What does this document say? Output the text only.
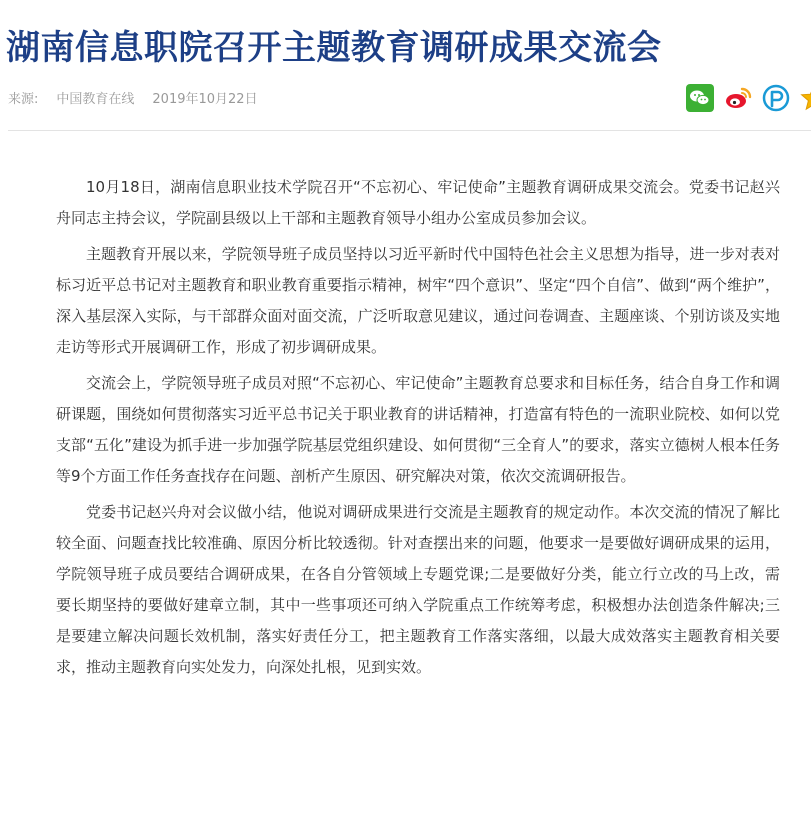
湖南信息职院召开主题教育调研成果交流会
来源: 中国教育在线 2019年10月22日

10月18日，湖南信息职业技术学院召开“不忘初心、牢记使命”主题教育调研成果交流会。党委书记赵兴舟同志主持会议，学院副县级以上干部和主题教育领导小组办公室成员参加会议。

主题教育开展以来，学院领导班子成员坚持以习近平新时代中国特色社会主义思想为指导，进一步对表对标习近平总书记对主题教育和职业教育重要指示精神，树牢“四个意识”、坚定“四个自信”、做到“两个维护”，深入基层深入实际，与干部群众面对面交流，广泛听取意见建议，通过问卷调查、主题座谈、个别访谈及实地走访等形式开展调研工作，形成了初步调研成果。

交流会上，学院领导班子成员对照“不忘初心、牢记使命”主题教育总要求和目标任务，结合自身工作和调研课题，围绕如何贯彻落实习近平总书记关于职业教育的讲话精神，打造富有特色的一流职业院校、如何以党支部“五化”建设为抓手进一步加强学院基层党组织建设、如何贯彻“三全育人”的要求，落实立德树人根本任务等9个方面工作任务查找存在问题、剖析产生原因、研究解决对策，依次交流调研报告。

党委书记赵兴舟对会议做小结，他说对调研成果进行交流是主题教育的规定动作。本次交流的情况了解比较全面、问题查找比较准确、原因分析比较透彻。针对查摆出来的问题，他要求一是要做好调研成果的运用，学院领导班子成员要结合调研成果，在各自分管领域上专题党课;二是要做好分类，能立行立改的马上改，需要长期坚持的要做好建章立制，其中一些事项还可纳入学院重点工作统筹考虑，积极想办法创造条件解决;三是要建立解决问题长效机制，落实好责任分工，把主题教育工作落实落细，以最大成效落实主题教育相关要求，推动主题教育向实处发力，向深处扎根，见到实效。
